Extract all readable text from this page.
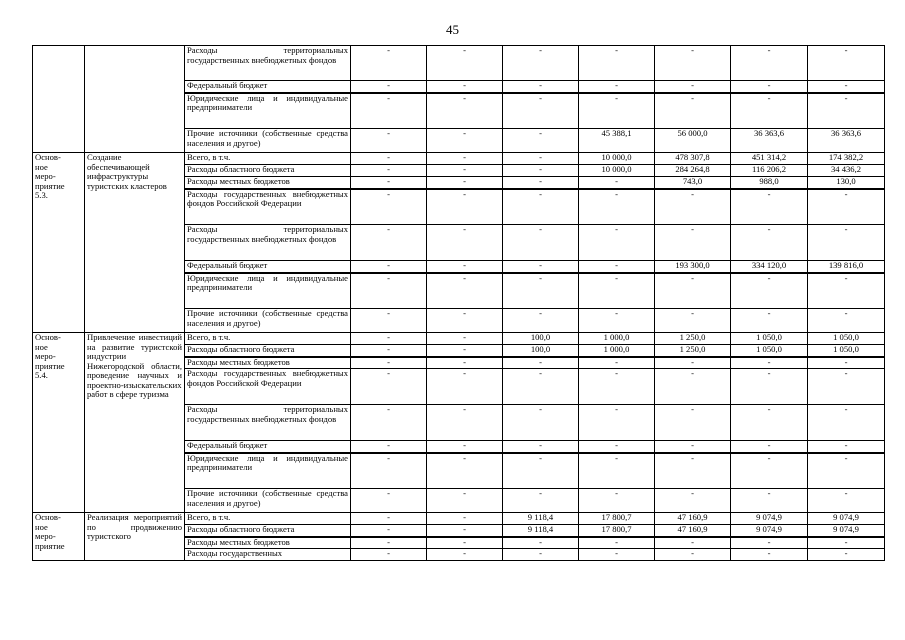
45
		Расходы территориальных государственных внебюджетных фондов	-	-	-	-	-	-	-
		Федеральный бюджет	-	-	-	-	-	-	-
		Юридические лица и индивидуальные предприниматели	-	-	-	-	-	-	-
		Прочие источники (собственные средства населения и другое)	-	-	-	45 388,1	56 000,0	36 363,6	36 363,6

Основ-
ное
меро-
приятие
5.3.	Создание обеспечивающей инфраструктуры туристских кластеров	Всего, в т.ч.	-	-	-	10 000,0	478 307,8	451 314,2	174 382,2
		Расходы областного бюджета	-	-	-	10 000,0	284 264,8	116 206,2	34 436,2
		Расходы местных бюджетов	-	-	-	-	743,0	988,0	130,0
		Расходы государственных внебюджетных фондов Российской Федерации	-	-	-	-	-	-	-
		Расходы территориальных государственных внебюджетных фондов	-	-	-	-	-	-	-
		Федеральный бюджет	-	-	-	-	193 300,0	334 120,0	139 816,0
		Юридические лица и индивидуальные предприниматели	-	-	-	-	-	-	-
		Прочие источники (собственные средства населения и другое)	-	-	-	-	-	-	-

Основ-
ное
меро-
приятие
5.4.	Привлечение инвестиций на развитие туристской индустрии Нижегородской области, проведение научных и проектно-изыскательских работ в сфере туризма	Всего, в т.ч.	-	-	100,0	1 000,0	1 250,0	1 050,0	1 050,0
		Расходы областного бюджета	-	-	100,0	1 000,0	1 250,0	1 050,0	1 050,0
		Расходы местных бюджетов	-	-	-	-	-	-	-
		Расходы государственных внебюджетных фондов Российской Федерации	-	-	-	-	-	-	-
		Расходы территориальных государственных внебюджетных фондов	-	-	-	-	-	-	-
		Федеральный бюджет	-	-	-	-	-	-	-
		Юридические лица и индивидуальные предприниматели	-	-	-	-	-	-	-
		Прочие источники (собственные средства населения и другое)	-	-	-	-	-	-	-

Основ-
ное
меро-
приятие	Реализация мероприятий по продвижению туристского	Всего, в т.ч.	-	-	9 118,4	17 800,7	47 160,9	9 074,9	9 074,9
		Расходы областного бюджета	-	-	9 118,4	17 800,7	47 160,9	9 074,9	9 074,9
		Расходы местных бюджетов	-	-	-	-	-	-	-
		Расходы государственных	-	-	-	-	-	-	-
